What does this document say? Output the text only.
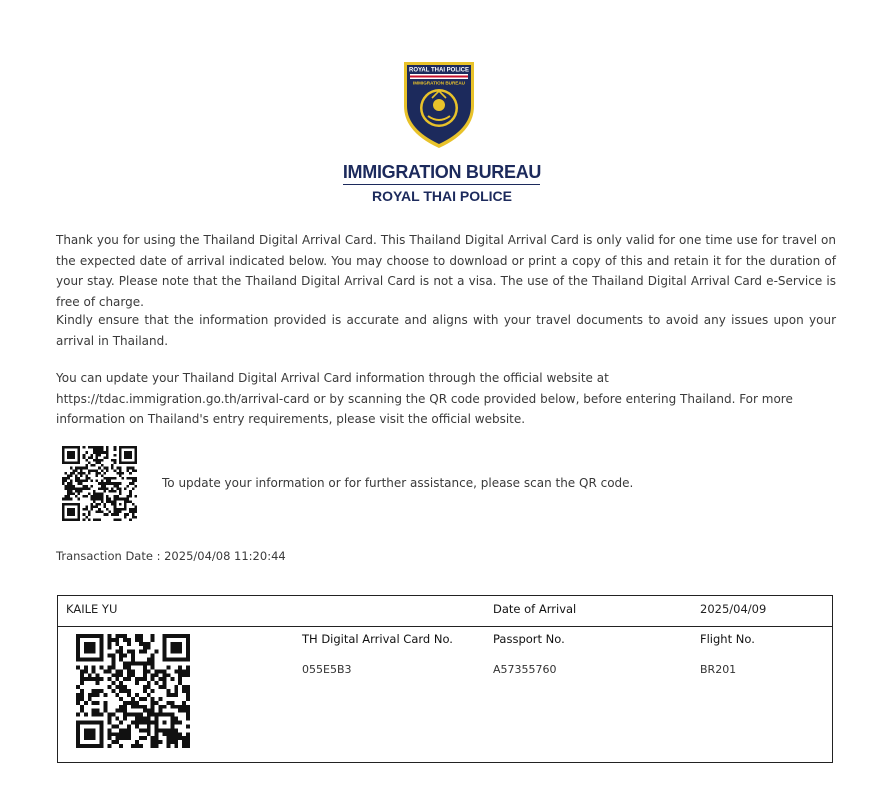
ROYAL THAI POLICE
IMMIGRATION BUREAU
IMMIGRATION BUREAU
ROYAL THAI POLICE

Thank you for using the Thailand Digital Arrival Card. This Thailand Digital Arrival Card is only valid for one time use for travel on the expected date of arrival indicated below. You may choose to download or print a copy of this and retain it for the duration of your stay. Please note that the Thailand Digital Arrival Card is not a visa. The use of the Thailand Digital Arrival Card e-Service is free of charge.

Kindly ensure that the information provided is accurate and aligns with your travel documents to avoid any issues upon your arrival in Thailand.

You can update your Thailand Digital Arrival Card information through the official website at https://tdac.immigration.go.th/arrival-card or by scanning the QR code provided below, before entering Thailand. For more information on Thailand's entry requirements, please visit the official website.

To update your information or for further assistance, please scan the QR code.
Transaction Date : 2025/04/08 11:20:44
KAILE YU	Date of Arrival	2025/04/09
TH Digital Arrival Card No.
055E5B3
Passport No.
A57355760
Flight No.
BR201
